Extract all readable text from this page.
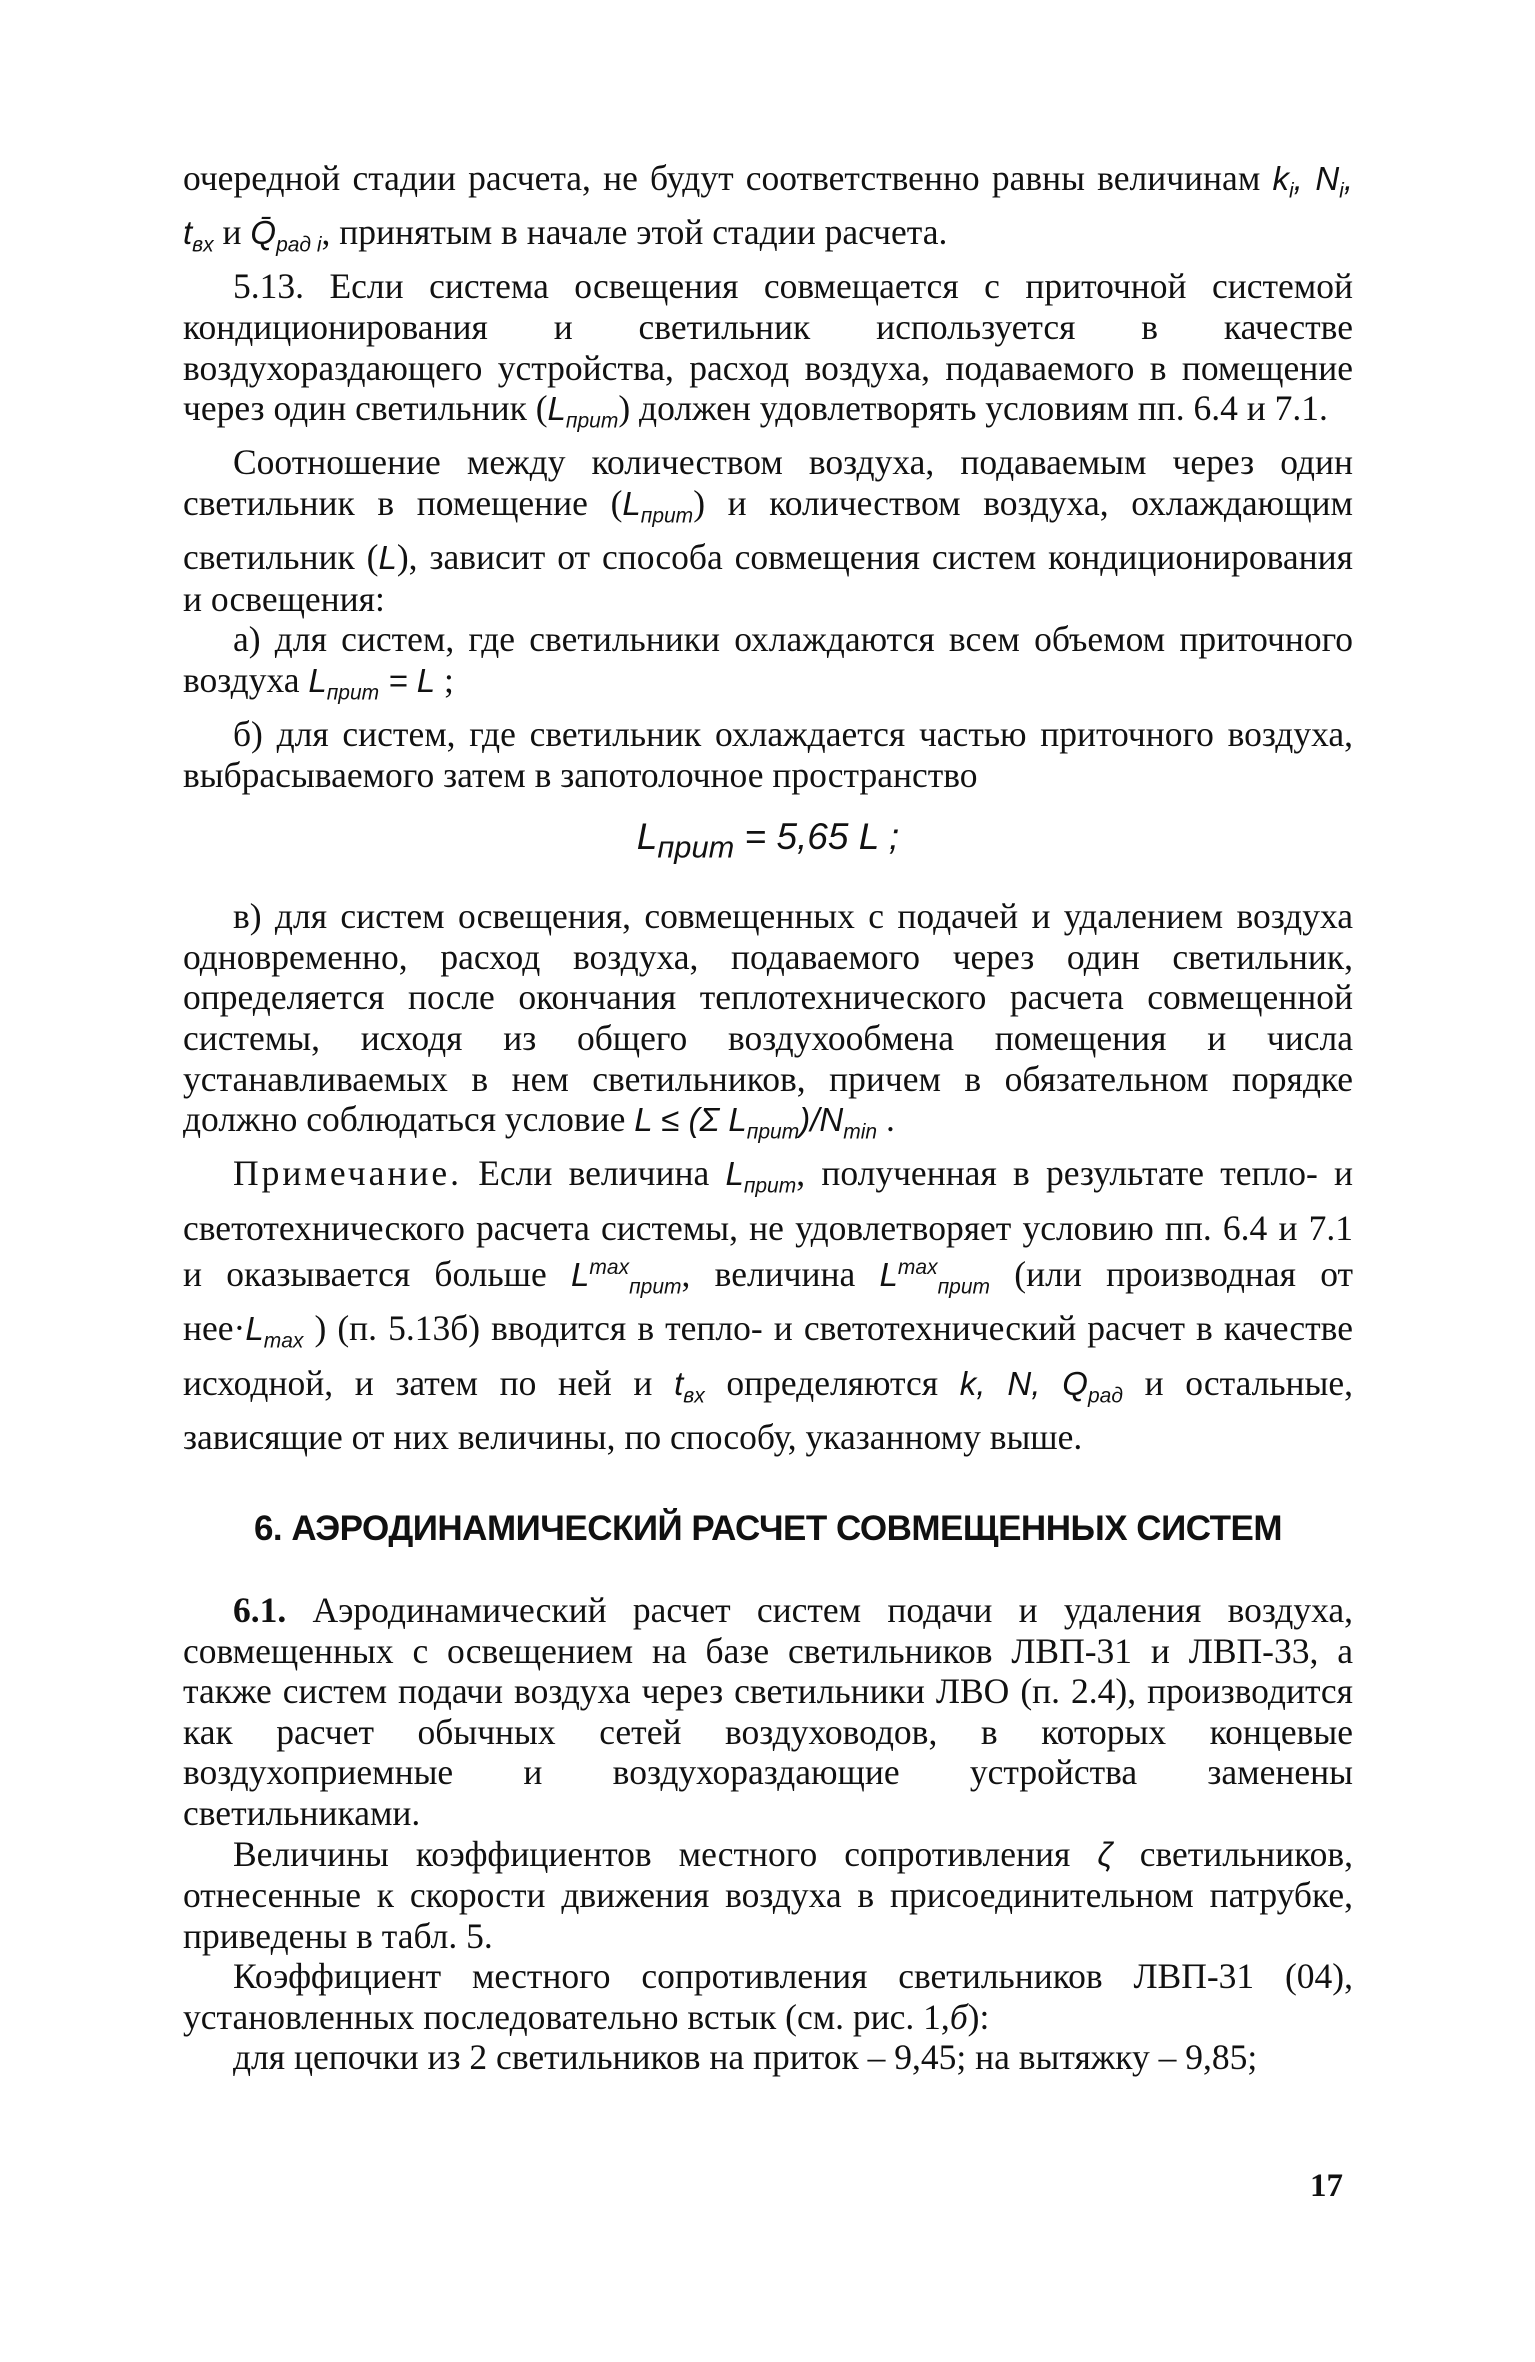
очередной стадии расчета, не будут соответственно равны величинам $k_i$, $N_i$, $t_{вх}$ и $Q̄_{рад i}$, принятым в начале этой стадии расчета.

5.13. Если система освещения совмещается с приточной системой кондиционирования и светильник используется в качестве воздухораздающего устройства, расход воздуха, подаваемого в помещение через один светильник $(L_{прит})$ должен удовлетворять условиям пп. 6.4 и 7.1.

Соотношение между количеством воздуха, подаваемым через один светильник в помещение $(L_{прит})$ и количеством воздуха, охлаждающим светильник (L), зависит от способа совмещения систем кондиционирования и освещения:

а) для систем, где светильники охлаждаются всем объемом приточного воздуха $L_{прит} = L$ ;

б) для систем, где светильник охлаждается частью приточного воздуха, выбрасываемого затем в запотолочное пространство

$L_{прит} = 5,65$ L ;

в) для систем освещения, совмещенных с подачей и удалением воздуха одновременно, расход воздуха, подаваемого через один светильник, определяется после окончания теплотехнического расчета совмещенной системы, исходя из общего воздухообмена помещения и числа устанавливаемых в нем светильников, причем в обязательном порядке должно соблюдаться условие L ≤ (Σ $L_{прит})/N_{min}$ .

Примечание. Если величина $L_{прит}$, полученная в результате тепло- и светотехнического расчета системы, не удовлетворяет условию пп. 6.4 и 7.1 и оказывается больше $L^{max}_{прит}$, величина $L^{max}_{прит}$ (или производная от $нее\cdot L_{max}$ ) (п. 5.13б) вводится в тепло- и светотехнический расчет в качестве исходной, и затем по ней и $t_{вх}$ определяются k, N, $Q_{рад}$ и остальные, зависящие от них величины, по способу, указанному выше.

6. АЭРОДИНАМИЧЕСКИЙ РАСЧЕТ СОВМЕЩЕННЫХ СИСТЕМ

6.1. Аэродинамический расчет систем подачи и удаления воздуха, совмещенных с освещением на базе светильников ЛВП-31 и ЛВП-33, а также систем подачи воздуха через светильники ЛВО (п. 2.4), производится как расчет обычных сетей воздуховодов, в которых концевые воздухоприемные и воздухораздающие устройства заменены светильниками.

Величины коэффициентов местного сопротивления ζ светильников, отнесенные к скорости движения воздуха в присоединительном патрубке, приведены в табл. 5.

Коэффициент местного сопротивления светильников ЛВП-31 (04), установленных последовательно встык (см. рис. 1,б):

для цепочки из 2 светильников на приток – 9,45; на вытяжку – 9,85;

17
